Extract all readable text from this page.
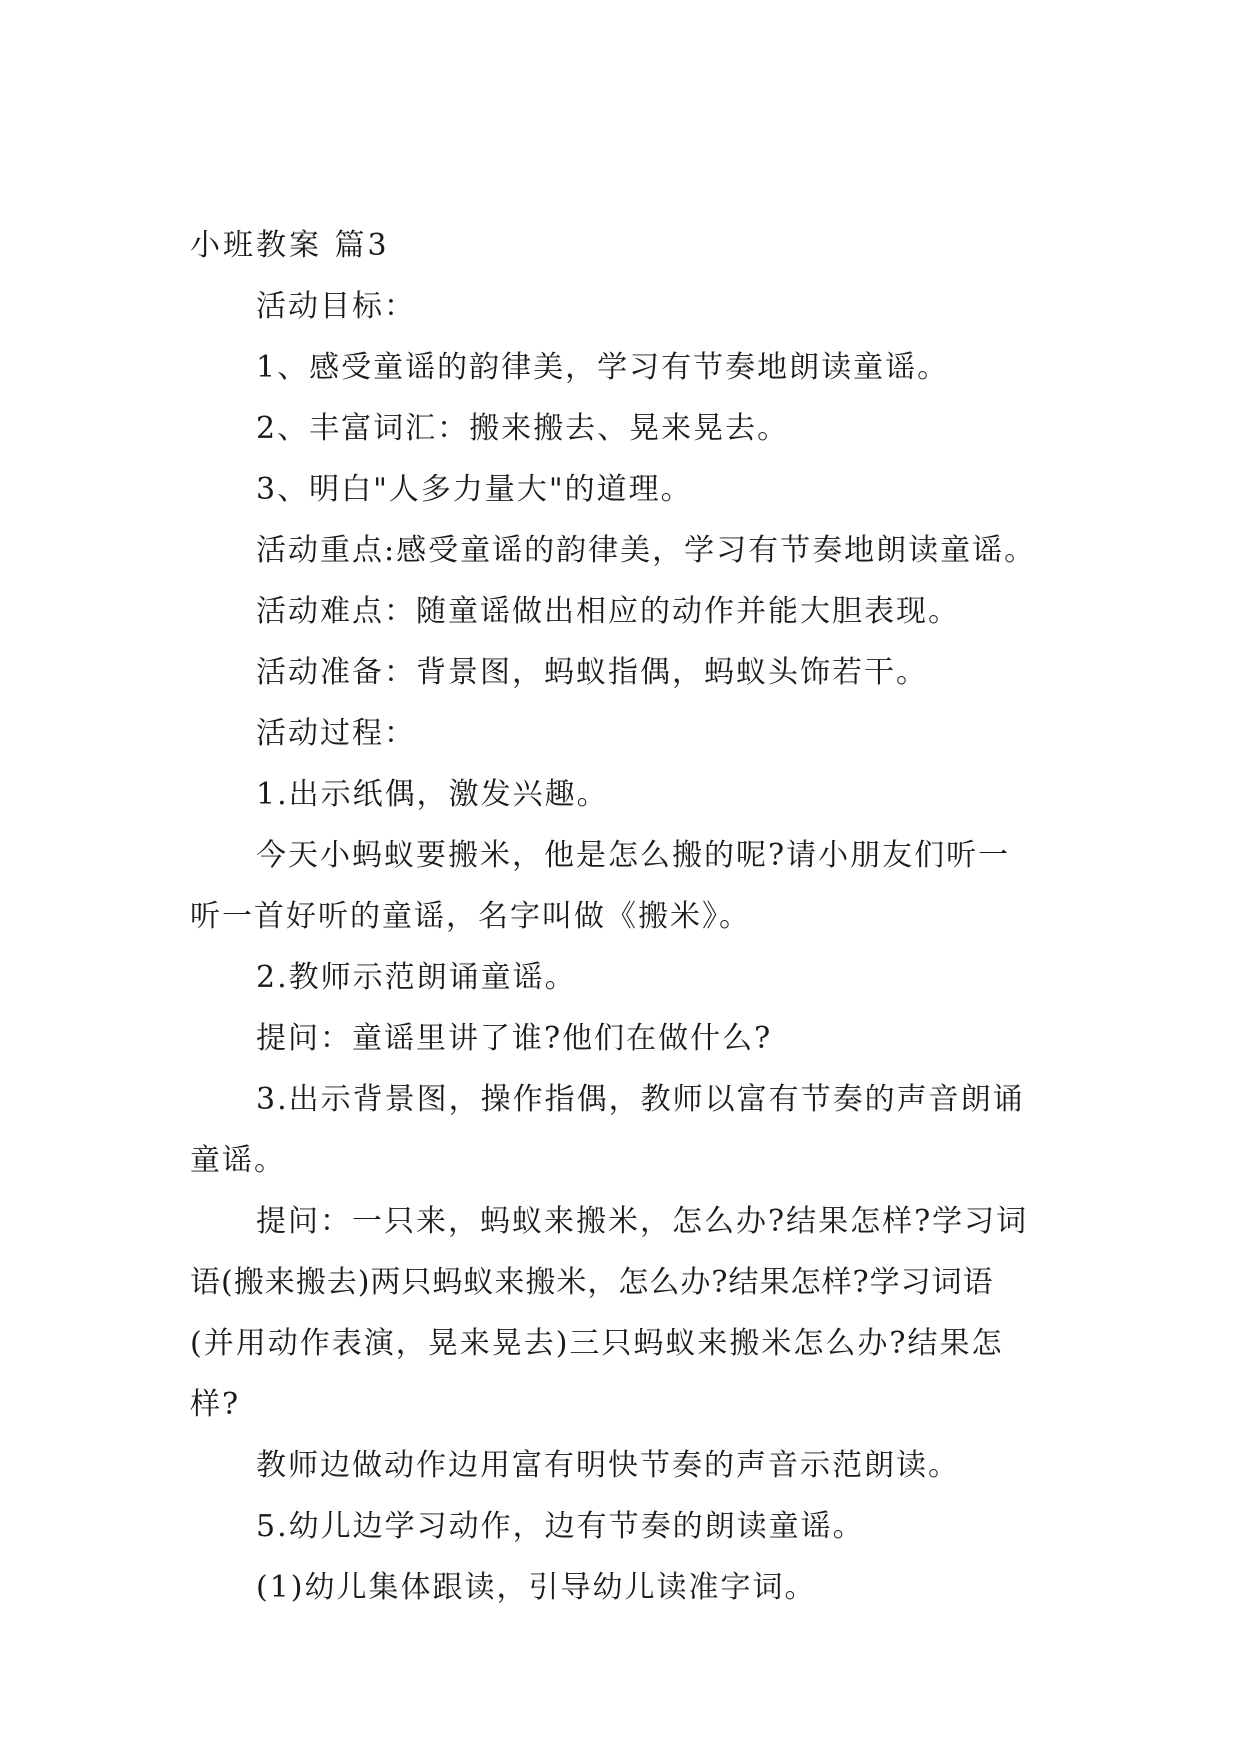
小班教案 篇3
活动目标：
1、感受童谣的韵律美，学习有节奏地朗读童谣。
2、丰富词汇：搬来搬去、晃来晃去。
3、明白"人多力量大"的道理。
活动重点:感受童谣的韵律美，学习有节奏地朗读童谣。
活动难点：随童谣做出相应的动作并能大胆表现。
活动准备：背景图，蚂蚁指偶，蚂蚁头饰若干。
活动过程：
1.出示纸偶，激发兴趣。
今天小蚂蚁要搬米，他是怎么搬的呢?请小朋友们听一
听一首好听的童谣，名字叫做《搬米》。
2.教师示范朗诵童谣。
提问：童谣里讲了谁?他们在做什么?
3.出示背景图，操作指偶，教师以富有节奏的声音朗诵
童谣。
提问：一只来，蚂蚁来搬米，怎么办?结果怎样?学习词
语(搬来搬去)两只蚂蚁来搬米，怎么办?结果怎样?学习词语
(并用动作表演，晃来晃去)三只蚂蚁来搬米怎么办?结果怎
样?
教师边做动作边用富有明快节奏的声音示范朗读。
5.幼儿边学习动作，边有节奏的朗读童谣。
(1)幼儿集体跟读，引导幼儿读准字词。
